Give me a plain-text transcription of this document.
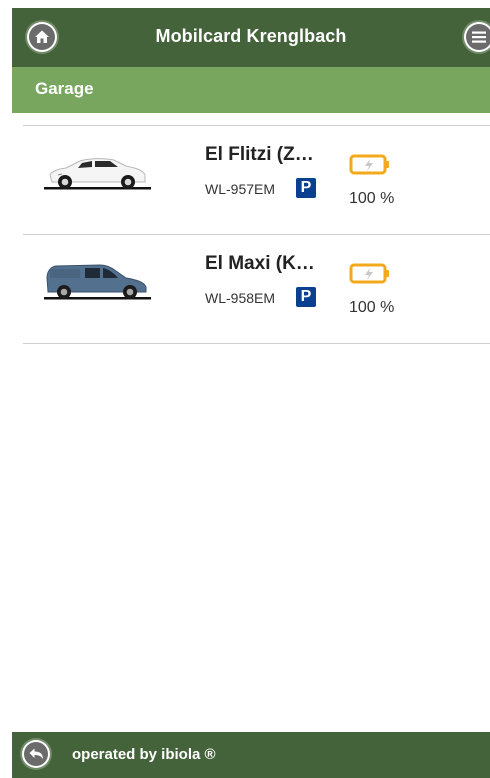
Mobilcard Krenglbach
Garage
El Flitzi (Z…
WL-957EM P
100 %
El Maxi (K…
WL-958EM P
100 %
operated by ibiola ®
